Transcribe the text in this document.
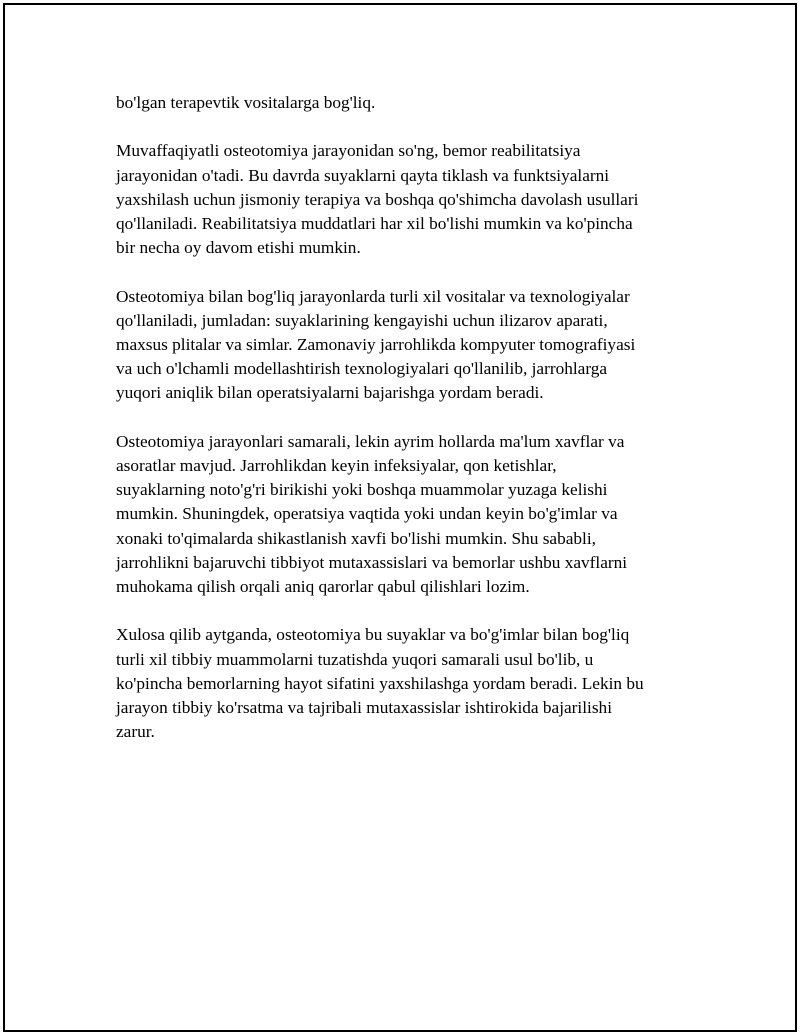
bo'lgan terapevtik vositalarga bog'liq.
Muvaffaqiyatli osteotomiya jarayonidan so'ng, bemor reabilitatsiya
jarayonidan o'tadi. Bu davrda suyaklarni qayta tiklash va funktsiyalarni
yaxshilash uchun jismoniy terapiya va boshqa qo'shimcha davolash usullari
qo'llaniladi. Reabilitatsiya muddatlari har xil bo'lishi mumkin va ko'pincha
bir necha oy davom etishi mumkin.
Osteotomiya bilan bog'liq jarayonlarda turli xil vositalar va texnologiyalar
qo'llaniladi, jumladan: suyaklarining kengayishi uchun ilizarov aparati,
maxsus plitalar va simlar. Zamonaviy jarrohlikda kompyuter tomografiyasi
va uch o'lchamli modellashtirish texnologiyalari qo'llanilib, jarrohlarga
yuqori aniqlik bilan operatsiyalarni bajarishga yordam beradi.
Osteotomiya jarayonlari samarali, lekin ayrim hollarda ma'lum xavflar va
asoratlar mavjud. Jarrohlikdan keyin infeksiyalar, qon ketishlar,
suyaklarning noto'g'ri birikishi yoki boshqa muammolar yuzaga kelishi
mumkin. Shuningdek, operatsiya vaqtida yoki undan keyin bo'g'imlar va
xonaki to'qimalarda shikastlanish xavfi bo'lishi mumkin. Shu sababli,
jarrohlikni bajaruvchi tibbiyot mutaxassislari va bemorlar ushbu xavflarni
muhokama qilish orqali aniq qarorlar qabul qilishlari lozim.
Xulosa qilib aytganda, osteotomiya bu suyaklar va bo'g'imlar bilan bog'liq
turli xil tibbiy muammolarni tuzatishda yuqori samarali usul bo'lib, u
ko'pincha bemorlarning hayot sifatini yaxshilashga yordam beradi. Lekin bu
jarayon tibbiy ko'rsatma va tajribali mutaxassislar ishtirokida bajarilishi
zarur.
